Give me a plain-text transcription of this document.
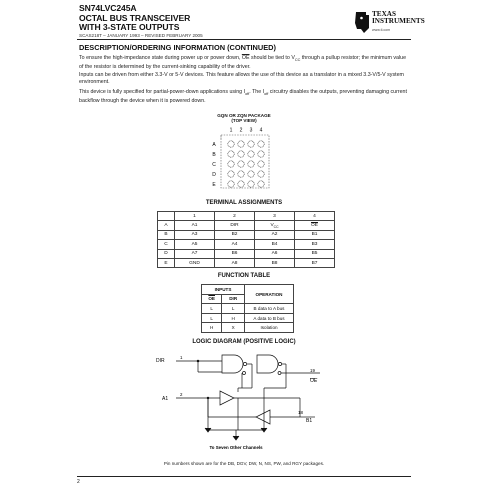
SN74LVC245A
OCTAL BUS TRANSCEIVER
WITH 3-STATE OUTPUTS
SCAS218T – JANUARY 1993 – REVISED FEBRUARY 2005
TEXAS
INSTRUMENTS
www.ti.com
DESCRIPTION/ORDERING INFORMATION (CONTINUED)
To ensure the high-impedance state during power up or power down, $\overline{OE}$ should be tied to $V_{CC}$ through a pullup resistor; the minimum value of the resistor is determined by the current-sinking capability of the driver.
Inputs can be driven from either 3.3-V or 5-V devices. This feature allows the use of this device as a translator in a mixed 3.3-V/5-V system environment.
This device is fully specified for partial-power-down applications using $I_{off}$. The $I_{off}$ circuitry disables the outputs, preventing damaging current backflow through the device when it is powered down.
GQN OR ZQN PACKAGE
(TOP VIEW)
1 2 3 4
A
B
C
D
E
TERMINAL ASSIGNMENTS
	1	2	3	4
A	A1	DIR	$V_{CC}$	$\overline{OE}$
B	A3	B2	A2	B1
C	A5	A4	B4	B3
D	A7	B6	A6	B5
E	GND	A8	B8	B7
FUNCTION TABLE
INPUTS		OPERATION
$\overline{OE}$	DIR	
L	L	B data to A bus
L	H	A data to B bus
H	X	Isolation
LOGIC DIAGRAM (POSITIVE LOGIC)
DIR
1
19
OE
A1
2
18
B1
To Seven Other Channels
Pin numbers shown are for the DB, DGV, DW, N, NS, PW, and RGY packages.
2
